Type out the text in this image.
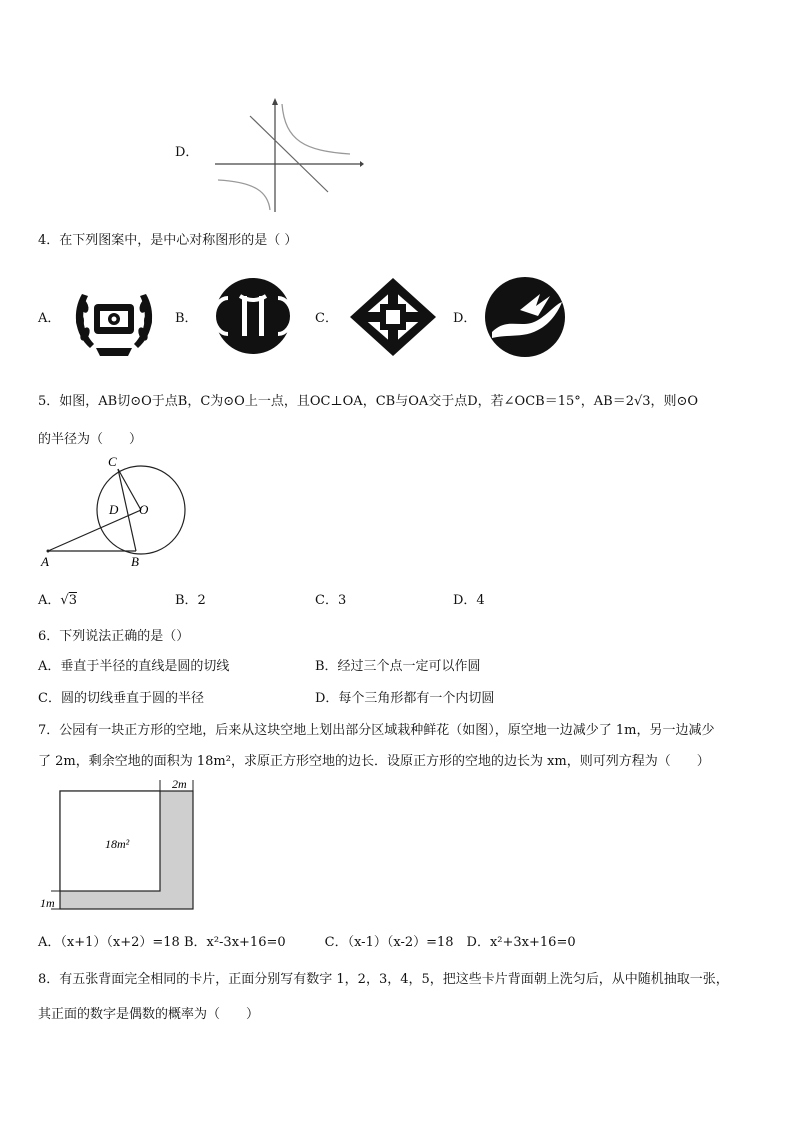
D．
4．在下列图案中，是中心对称图形的是（ ）
A．	B．	C．	D．
5．如图，AB切⊙O于点B，C为⊙O上一点，且OC⊥OA，CB与OA交于点D，若∠OCB＝15°，AB＝2√3，则⊙O
的半径为（　　）
C
D O
A	B
A．√3	B．2	C．3	D．4
6．下列说法正确的是（）
A．垂直于半径的直线是圆的切线	B．经过三个点一定可以作圆
C．圆的切线垂直于圆的半径	D．每个三角形都有一个内切圆
7．公园有一块正方形的空地，后来从这块空地上划出部分区域栽种鲜花（如图），原空地一边减少了 1m，另一边减少
了 2m，剩余空地的面积为 18m²，求原正方形空地的边长．设原正方形的空地的边长为 xm，则可列方程为（　　）
2m
18m²
1m
A．（x+1）（x+2）=18 B．x²-3x+16=0　　　C．（x-1）（x-2）=18　D．x²+3x+16=0
8．有五张背面完全相同的卡片，正面分别写有数字 1，2，3，4，5，把这些卡片背面朝上洗匀后，从中随机抽取一张，
其正面的数字是偶数的概率为（　　）
